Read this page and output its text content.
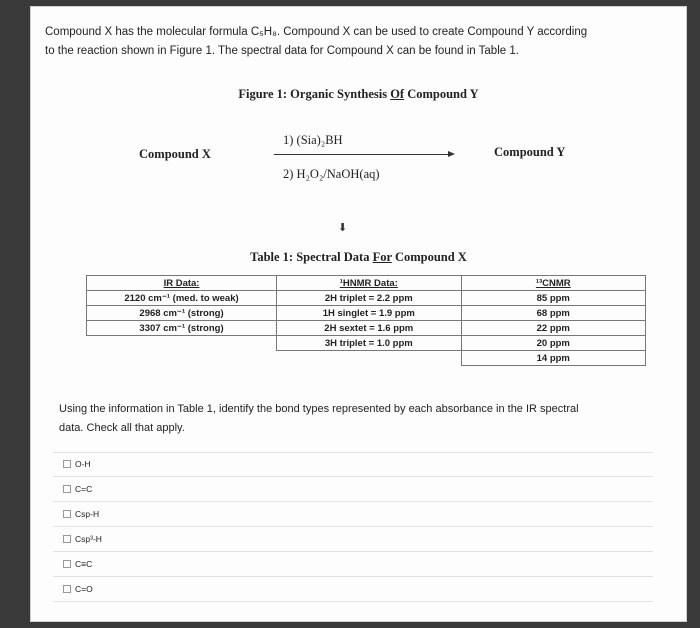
Compound X has the molecular formula C₅H₈. Compound X can be used to create Compound Y according
to the reaction shown in Figure 1. The spectral data for Compound X can be found in Table 1.
Figure 1: Organic Synthesis Of Compound Y
Compound X
1) (Sia)₂BH
2) H₂O₂/NaOH(aq)
Compound Y
⬇
Table 1: Spectral Data For Compound X
IR Data:	¹HNMR Data:	¹³CNMR
2120 cm⁻¹ (med. to weak)	2H triplet = 2.2 ppm	85 ppm
2968 cm⁻¹ (strong)	1H singlet = 1.9 ppm	68 ppm
3307 cm⁻¹ (strong)	2H sextet = 1.6 ppm	22 ppm
	3H triplet = 1.0 ppm	20 ppm
		14 ppm
Using the information in Table 1, identify the bond types represented by each absorbance in the IR spectral
data. Check all that apply.
O-H
C=C
Csp-H
Csp³-H
C≡C
C=O
